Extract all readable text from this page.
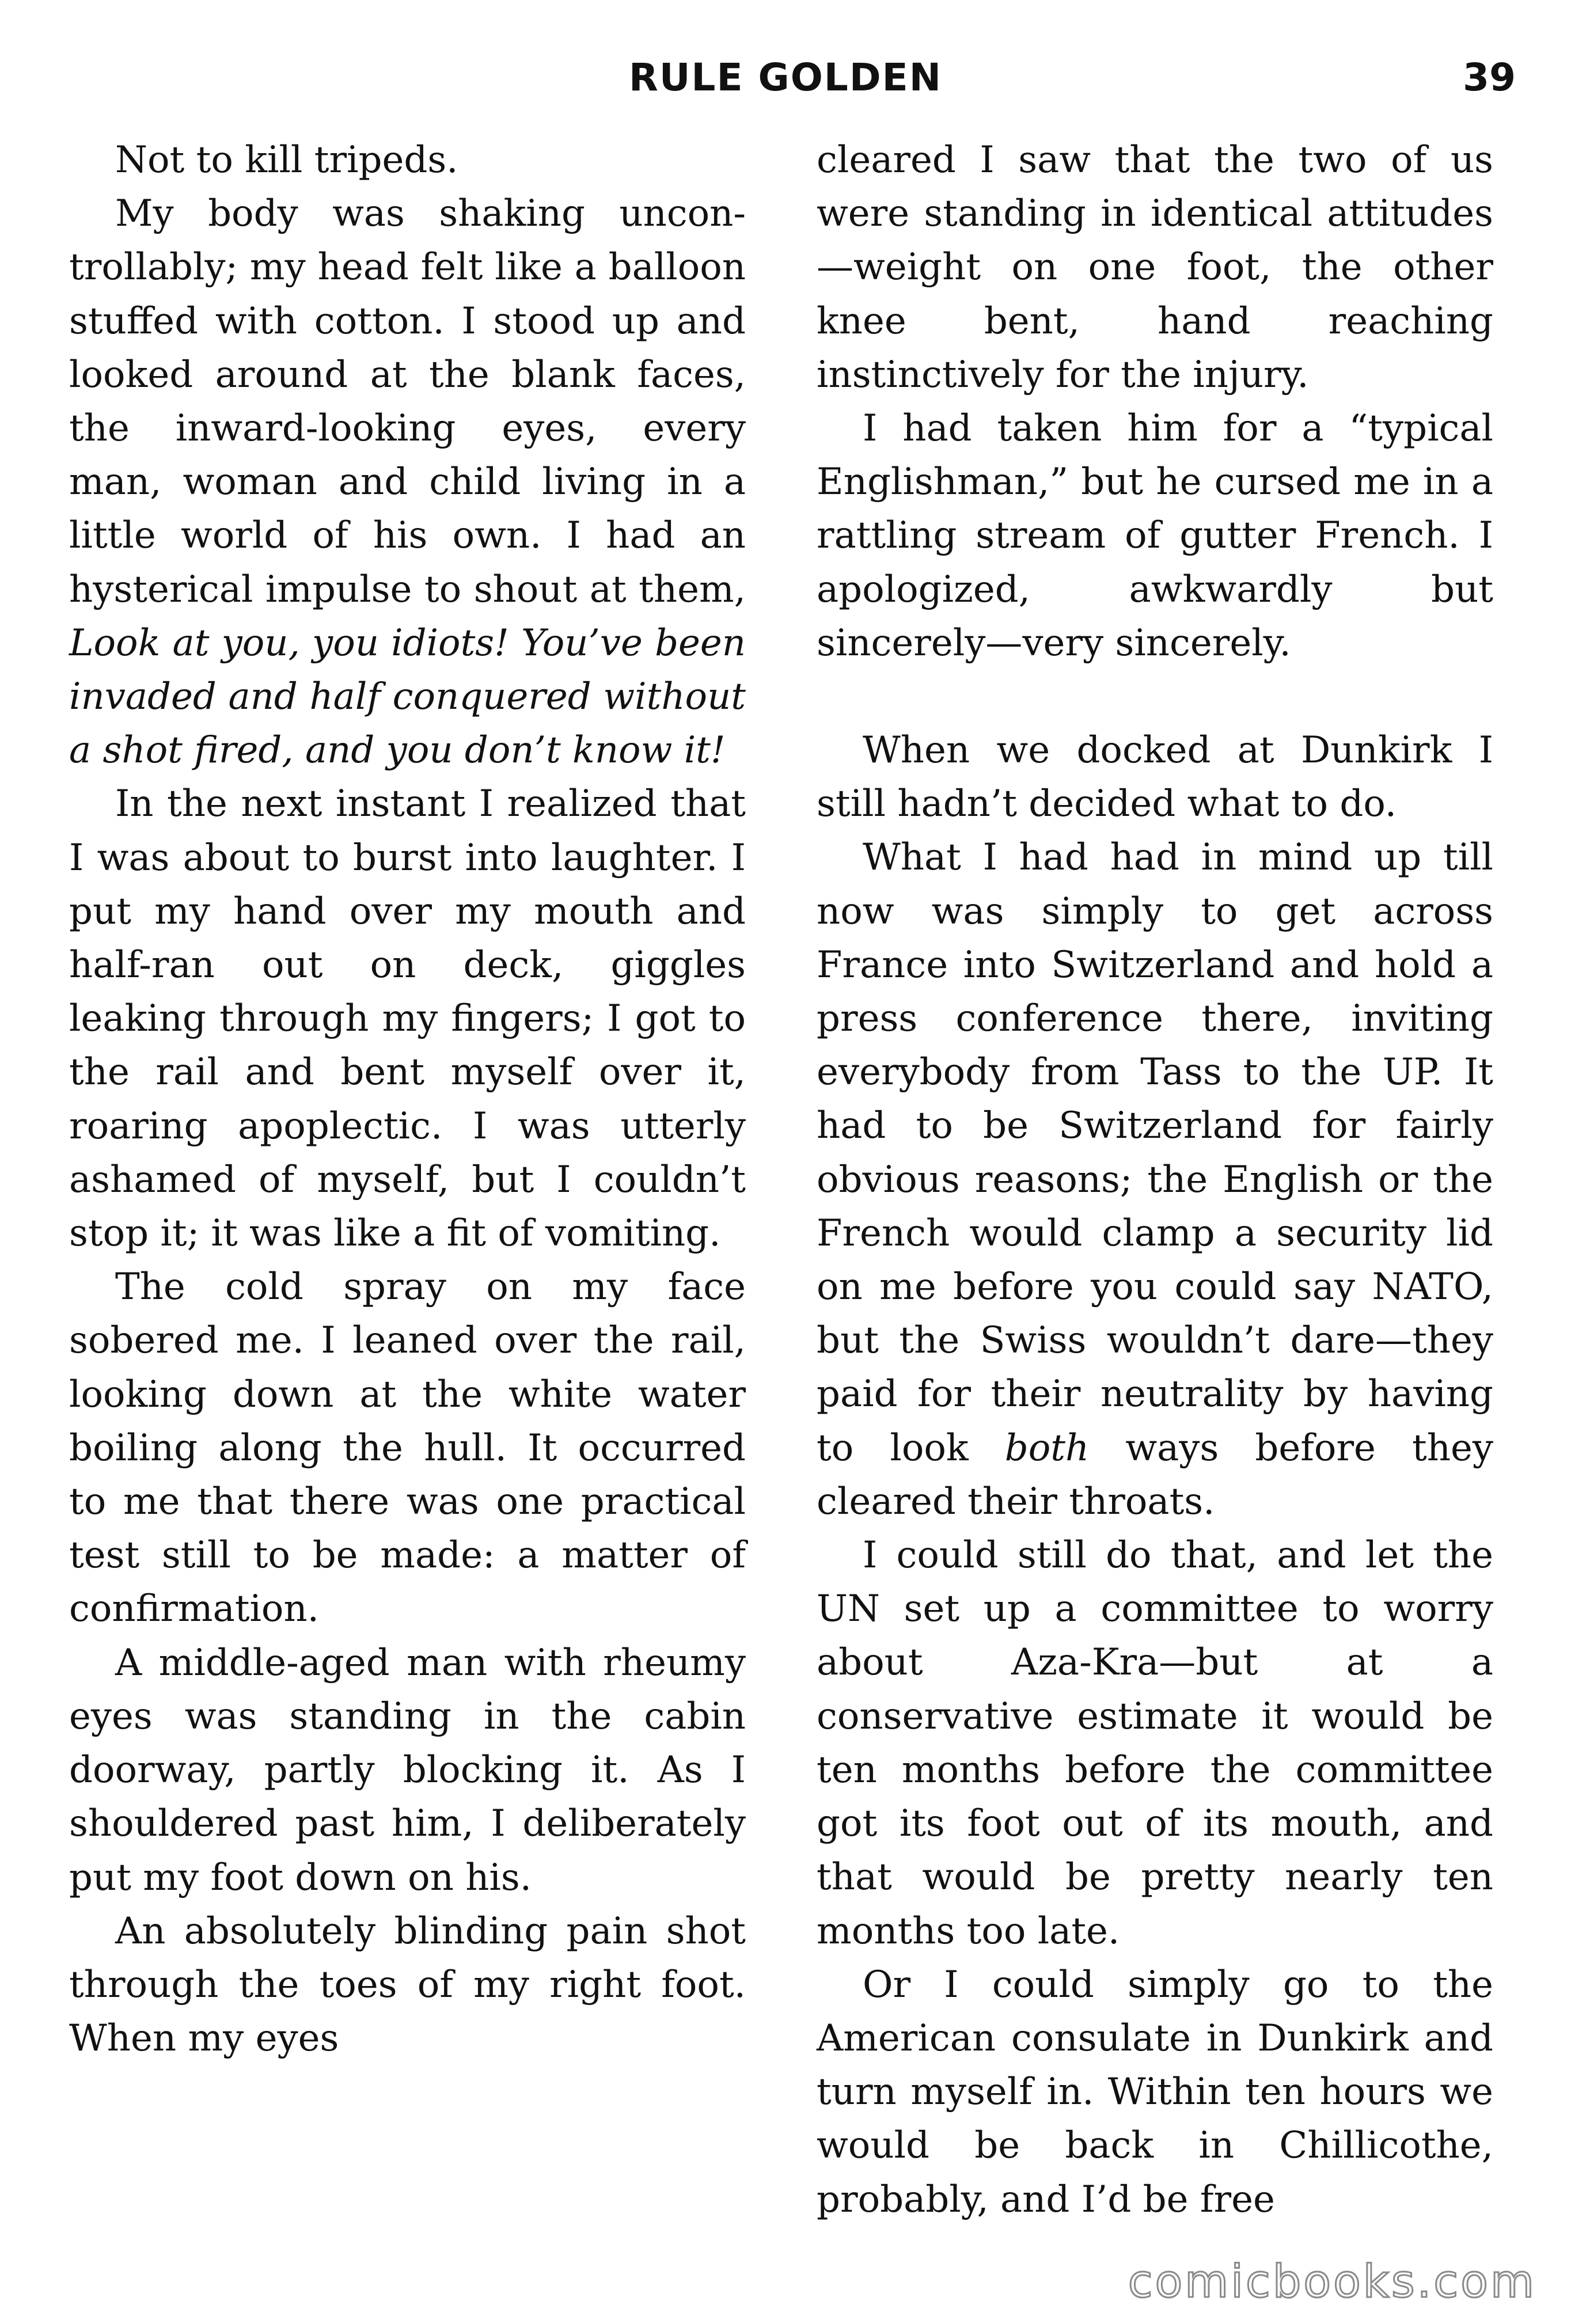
RULE GOLDEN	39

Not to kill tripeds.

My body was shaking uncontrollably; my head felt like a balloon stuffed with cotton. I stood up and looked around at the blank faces, the inward-looking eyes, every man, woman and child living in a little world of his own. I had an hysterical impulse to shout at them, Look at you, you idiots! You’ve been invaded and half conquered without a shot fired, and you don’t know it!

In the next instant I realized that I was about to burst into laughter. I put my hand over my mouth and half-ran out on deck, giggles leaking through my fingers; I got to the rail and bent myself over it, roaring apoplectic. I was utterly ashamed of myself, but I couldn’t stop it; it was like a fit of vomiting.

The cold spray on my face sobered me. I leaned over the rail, looking down at the white water boiling along the hull. It occurred to me that there was one practical test still to be made: a matter of confirmation.

A middle-aged man with rheumy eyes was standing in the cabin doorway, partly blocking it. As I shouldered past him, I deliberately put my foot down on his.

An absolutely blinding pain shot through the toes of my right foot. When my eyes

cleared I saw that the two of us were standing in identical attitudes—weight on one foot, the other knee bent, hand reaching instinctively for the injury.

I had taken him for a “typical Englishman,” but he cursed me in a rattling stream of gutter French. I apologized, awkwardly but sincerely—very sincerely.

When we docked at Dunkirk I still hadn’t decided what to do.

What I had had in mind up till now was simply to get across France into Switzerland and hold a press conference there, inviting everybody from Tass to the UP. It had to be Switzerland for fairly obvious reasons; the English or the French would clamp a security lid on me before you could say NATO, but the Swiss wouldn’t dare—they paid for their neutrality by having to look both ways before they cleared their throats.

I could still do that, and let the UN set up a committee to worry about Aza-Kra—but at a conservative estimate it would be ten months before the committee got its foot out of its mouth, and that would be pretty nearly ten months too late.

Or I could simply go to the American consulate in Dunkirk and turn myself in. Within ten hours we would be back in Chillicothe, probably, and I’d be free

comicbooks.com
